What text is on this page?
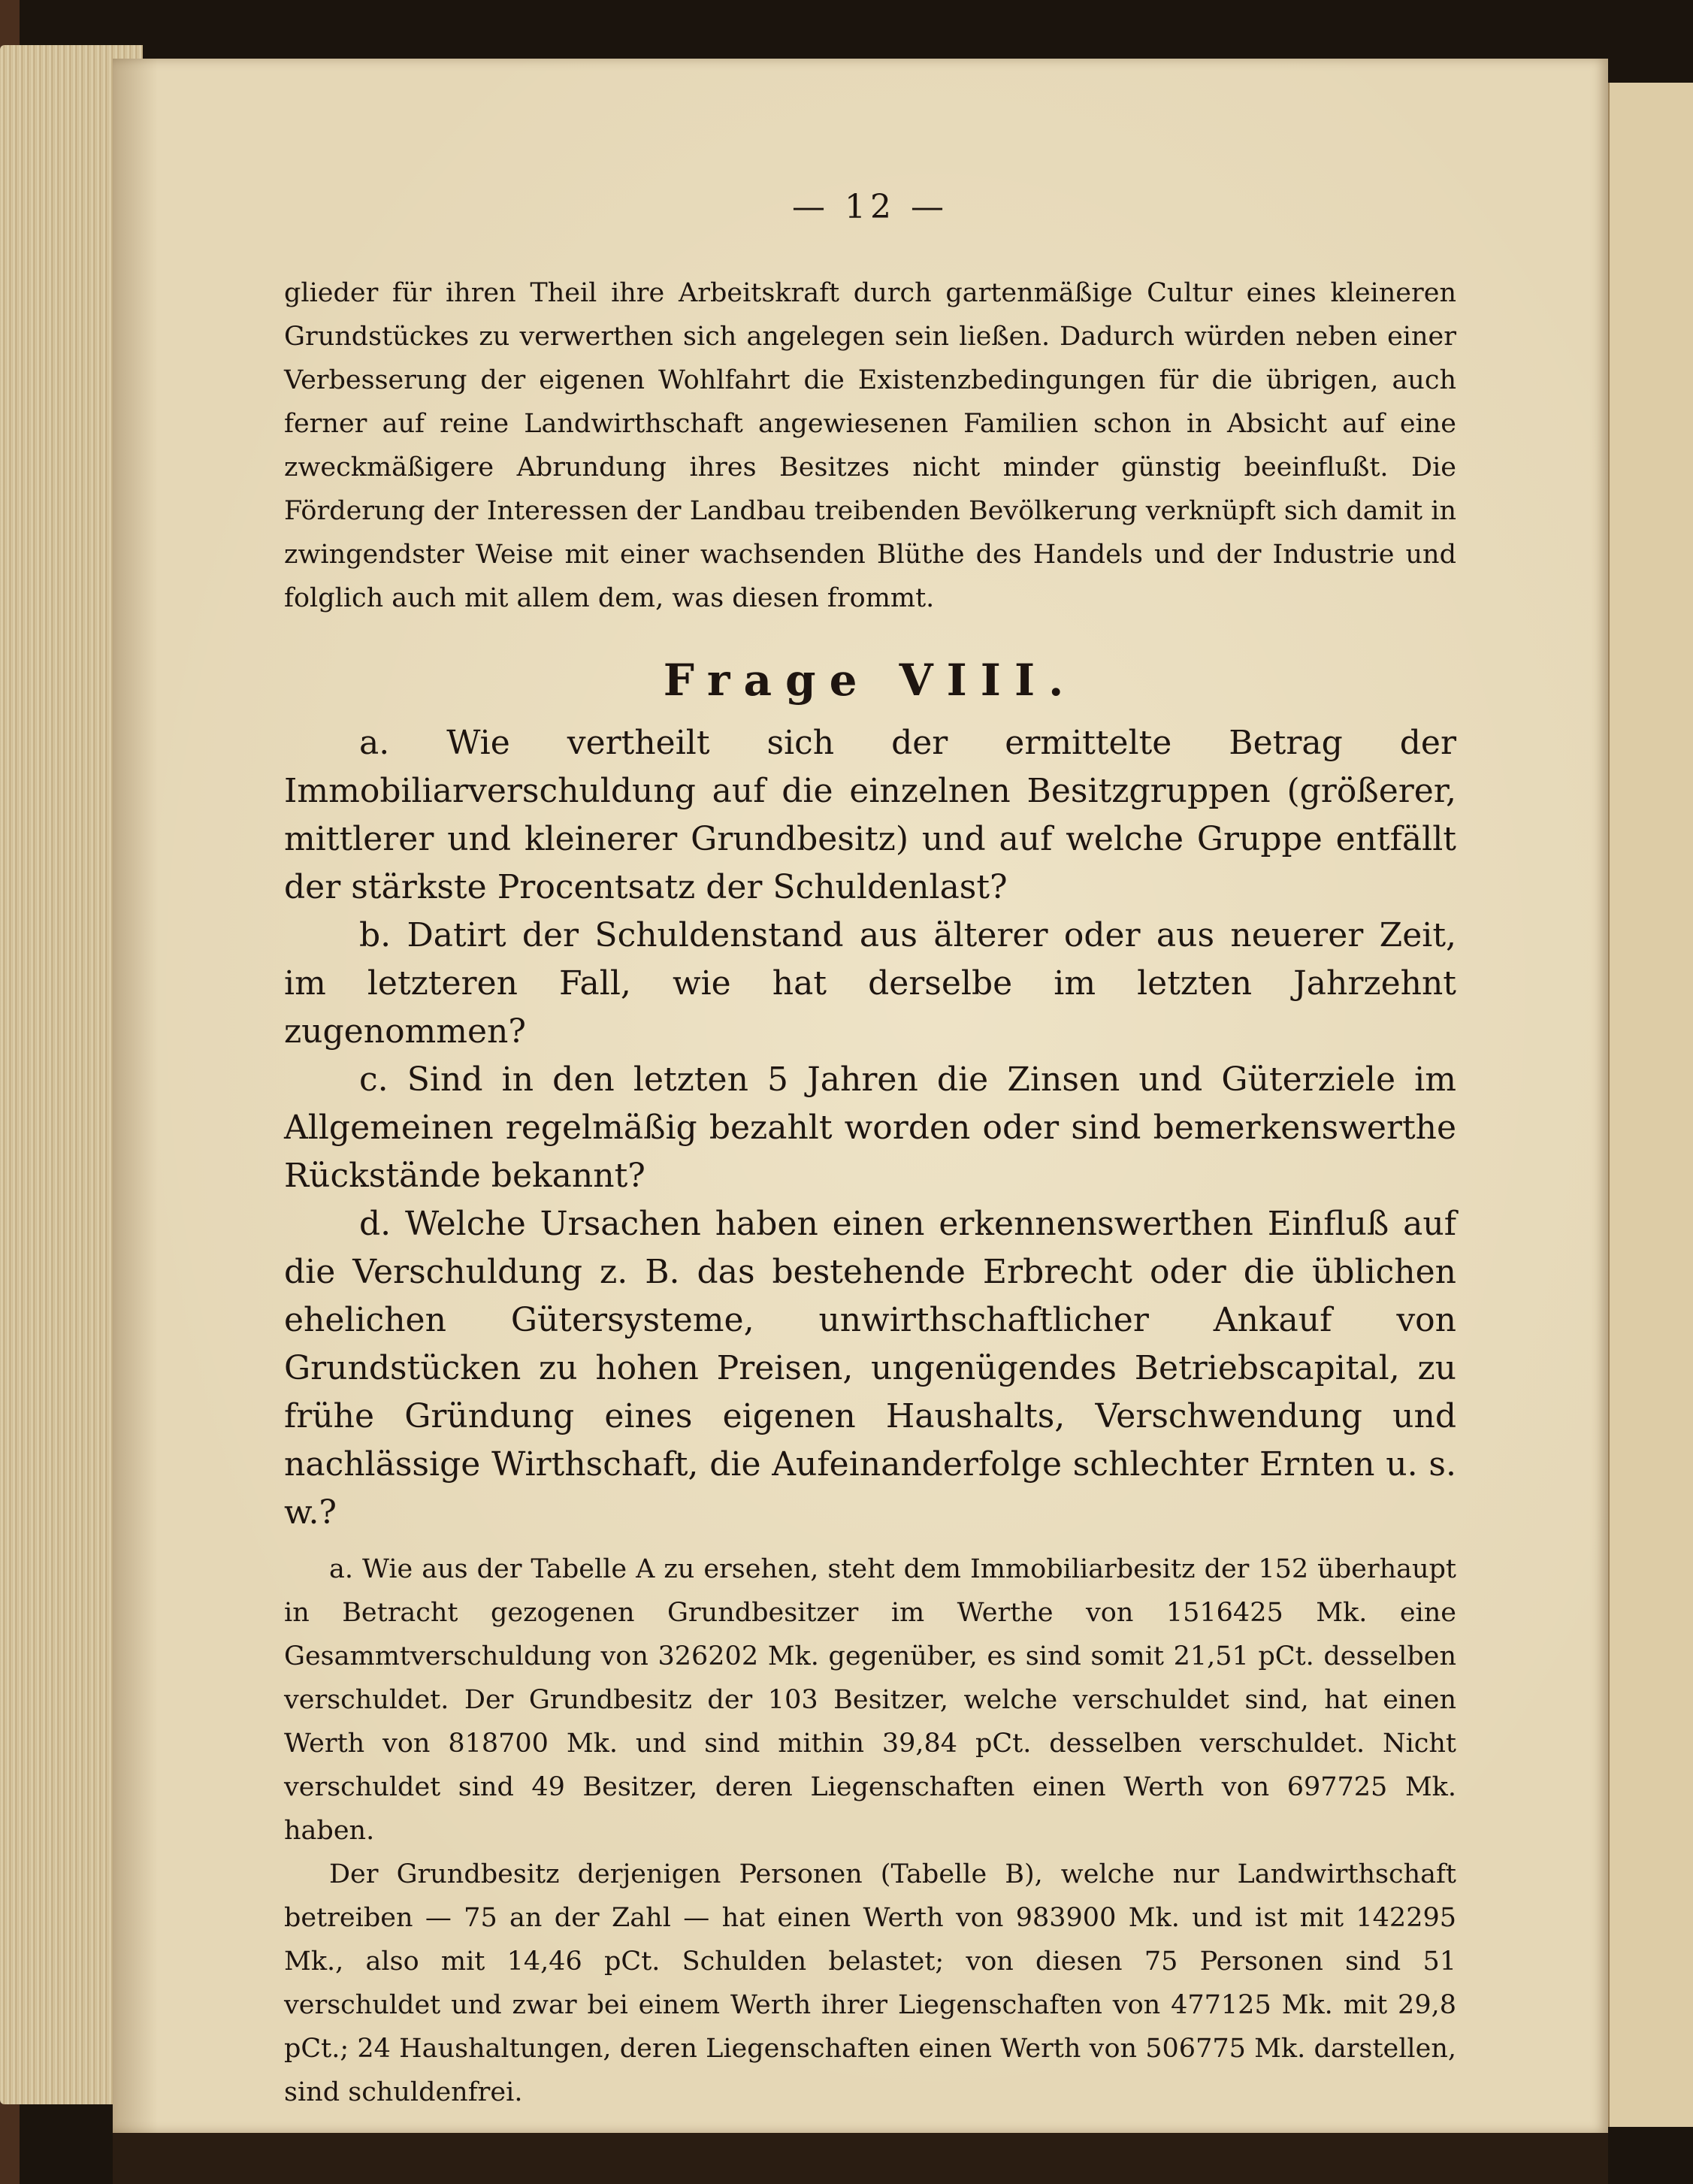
— 12 —

glieder für ihren Theil ihre Arbeitskraft durch gartenmäßige Cultur eines kleineren Grundstückes zu verwerthen sich angelegen sein ließen. Dadurch würden neben einer Verbesserung der eigenen Wohlfahrt die Existenzbedingungen für die übrigen, auch ferner auf reine Landwirthschaft angewiesenen Familien schon in Absicht auf eine zweckmäßigere Abrundung ihres Besitzes nicht minder günstig beeinflußt. Die Förderung der Interessen der Landbau treibenden Bevölkerung verknüpft sich damit in zwingendster Weise mit einer wachsenden Blüthe des Handels und der Industrie und folglich auch mit allem dem, was diesen frommt.

Frage VIII.

a. Wie vertheilt sich der ermittelte Betrag der Immobiliarverschuldung auf die einzelnen Besitzgruppen (größerer, mittlerer und kleinerer Grundbesitz) und auf welche Gruppe entfällt der stärkste Procentsatz der Schuldenlast?

b. Datirt der Schuldenstand aus älterer oder aus neuerer Zeit, im letzteren Fall, wie hat derselbe im letzten Jahrzehnt zugenommen?

c. Sind in den letzten 5 Jahren die Zinsen und Güterziele im Allgemeinen regelmäßig bezahlt worden oder sind bemerkenswerthe Rückstände bekannt?

d. Welche Ursachen haben einen erkennenswerthen Einfluß auf die Verschuldung z. B. das bestehende Erbrecht oder die üblichen ehelichen Gütersysteme, unwirthschaftlicher Ankauf von Grundstücken zu hohen Preisen, ungenügendes Betriebscapital, zu frühe Gründung eines eigenen Haushalts, Verschwendung und nachlässige Wirthschaft, die Aufeinanderfolge schlechter Ernten u. s. w.?

a. Wie aus der Tabelle A zu ersehen, steht dem Immobiliarbesitz der 152 überhaupt in Betracht gezogenen Grundbesitzer im Werthe von 1516425 Mk. eine Gesammtverschuldung von 326202 Mk. gegenüber, es sind somit 21,51 pCt. desselben verschuldet. Der Grundbesitz der 103 Besitzer, welche verschuldet sind, hat einen Werth von 818700 Mk. und sind mithin 39,84 pCt. desselben verschuldet. Nicht verschuldet sind 49 Besitzer, deren Liegenschaften einen Werth von 697725 Mk. haben.

Der Grundbesitz derjenigen Personen (Tabelle B), welche nur Landwirthschaft betreiben — 75 an der Zahl — hat einen Werth von 983900 Mk. und ist mit 142295 Mk., also mit 14,46 pCt. Schulden belastet; von diesen 75 Personen sind 51 verschuldet und zwar bei einem Werth ihrer Liegenschaften von 477125 Mk. mit 29,8 pCt.; 24 Haushaltungen, deren Liegenschaften einen Werth von 506775 Mk. darstellen, sind schuldenfrei.
